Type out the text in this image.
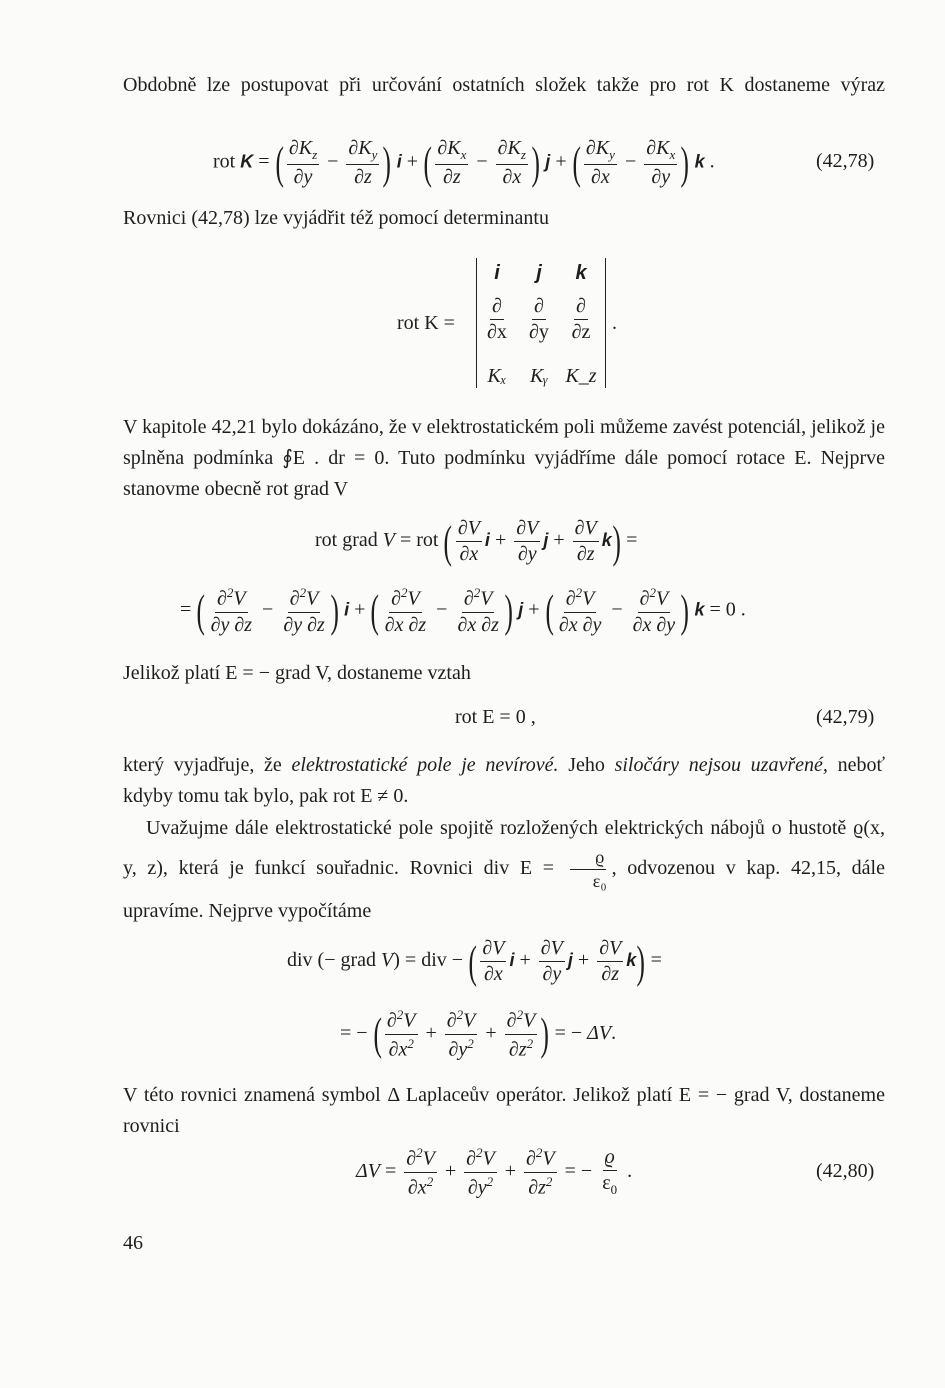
Obdobně lze postupovat při určování ostatních složek takže pro rot K dostaneme výraz

rot K = ( $\frac{\partial K_z}{\partial y} - \frac{\partial K_y}{\partial z}$ ) i + ( $\frac{\partial K_x}{\partial z} - \frac{\partial K_z}{\partial x}$ ) j + ( $\frac{\partial K_y}{\partial x} - \frac{\partial K_x}{\partial y}$ ) k .	(42,78)

Rovnici (42,78) lze vyjádřit též pomocí determinantu

rot K =	.
i	j	k
$\frac{\partial}{\partial x} \frac{\partial}{\partial y} \frac{\partial}{\partial z}$
Kₓ	Kᵧ K_z

V kapitole 42,21 bylo dokázáno, že v elektrostatickém poli můžeme zavést potenciál, jelikož je splněna podmínka ∮E . dr = 0. Tuto podmínku vyjádříme dále pomocí rotace E. Nejprve stanovme obecně rot grad V

rot grad V = rot ( $\frac{\partial V}{\partial x}$ $i + \frac{\partial V}{\partial y}$ $j + \frac{\partial V}{\partial z} k$) =
= ( $\frac{\partial^2V}{\partial y \partial z} - \frac{\partial^2V}{\partial y \partial z}$ ) i + ( $\frac{\partial^2V}{\partial x \partial z} - \frac{\partial^2V}{\partial x \partial z}$ ) j + ( $\frac{\partial^2V}{\partial x \partial y} - \frac{\partial^2V}{\partial x \partial y}$ ) k = 0 .

Jelikož platí E = − grad V, dostaneme vztah

rot E = 0 ,	(42,79)

který vyjadřuje, že elektrostatické pole je nevírové. Jeho siločáry nejsou uzavřené, neboť kdyby tomu tak bylo, pak rot E ≠ 0.

Uvažujme dále elektrostatické pole spojitě rozložených elektrických nábojů o hustotě ϱ(x, y, z), která je funkcí souřadnic. Rovnici div $E = \frac{ϱ}{\text{ε₀}}$ , odvozenou v kap. 42,15, dále upravíme. Nejprve vypočítáme

div (− grad V) = div − ( $\frac{\partial V}{\partial x}$ $i + \frac{\partial V}{\partial y}$ $j + \frac{\partial V}{\partial z} k$) =
= − ( $\frac{\partial^2V}{\partial x^2} + \frac{\partial^2V}{\partial y^2} + \frac{\partial^2V}{\partial z^2}$ ) = − ΔV.

V této rovnici znamená symbol Δ Laplaceův operátor. Jelikož platí E = − grad V, dostaneme rovnici

$\Delta V = \frac{\partial^2V}{\partial x^2} + \frac{\partial^2V}{\partial y^2} + \frac{\partial^2V}{\partial z^2}$ = − $\frac{ϱ}{\varepsilon_0}$ .	(42,80)
46
